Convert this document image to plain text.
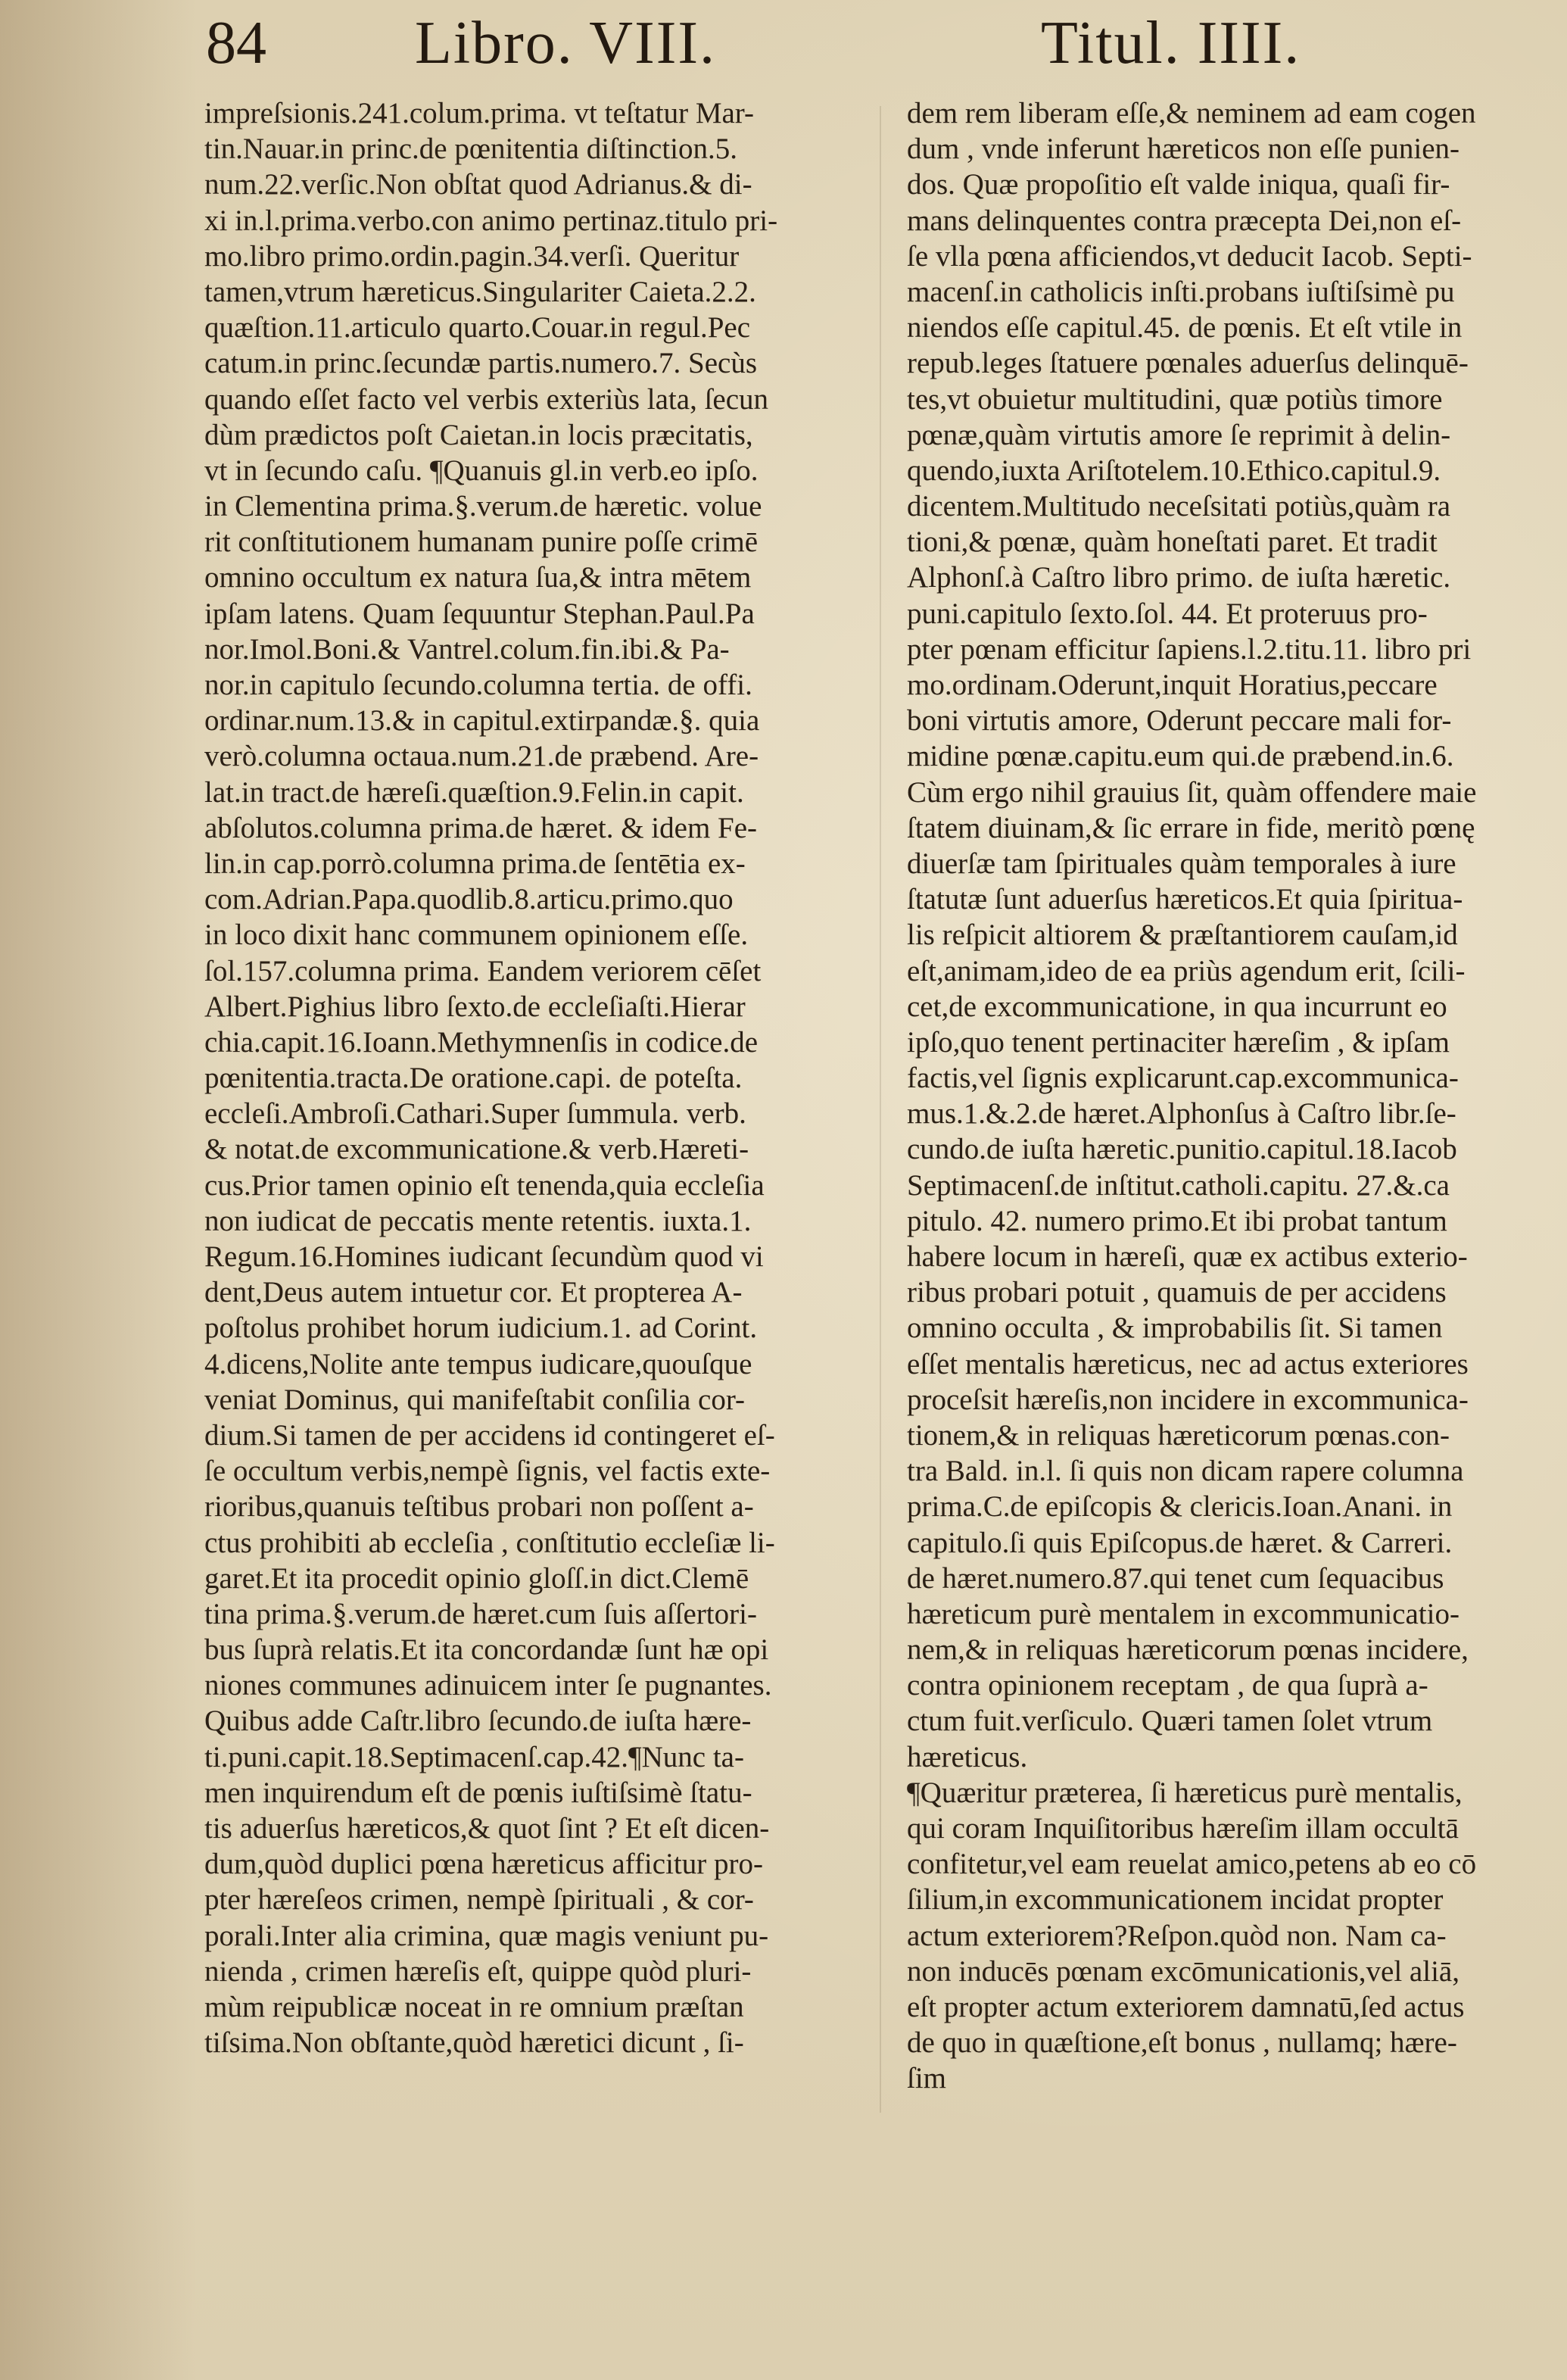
84 Libro. VIII.	Titul. IIII.
impreſsionis.241.colum.prima. vt teſtatur Mar-
tin.Nauar.in princ.de pœnitentia diſtinction.5.
num.22.verſic.Non obſtat quod Adrianus.& di-
xi in.l.prima.verbo.con animo pertinaz.titulo pri-
mo.libro primo.ordin.pagin.34.verſi. Queritur
tamen,vtrum hæreticus.Singulariter Caieta.2.2.
quæſtion.11.articulo quarto.Couar.in regul.Pec
catum.in princ.ſecundæ partis.numero.7. Secùs
quando eſſet facto vel verbis exteriùs lata, ſecun
dùm prædictos poſt Caietan.in locis præcitatis,
vt in ſecundo caſu. ¶Quanuis gl.in verb.eo ipſo.
in Clementina prima.§.verum.de hæretic. volue
rit conſtitutionem humanam punire poſſe crimē
omnino occultum ex natura ſua,& intra mētem
ipſam latens. Quam ſequuntur Stephan.Paul.Pa
nor.Imol.Boni.& Vantrel.colum.fin.ibi.& Pa-
nor.in capitulo ſecundo.columna tertia. de offi.
ordinar.num.13.& in capitul.extirpandæ.§. quia
verò.columna octaua.num.21.de præbend. Are-
lat.in tract.de hæreſi.quæſtion.9.Felin.in capit.
abſolutos.columna prima.de hæret. & idem Fe-
lin.in cap.porrò.columna prima.de ſentētia ex-
com.Adrian.Papa.quodlib.8.articu.primo.quo
in loco dixit hanc communem opinionem eſſe.
ſol.157.columna prima. Eandem veriorem cēſet
Albert.Pighius libro ſexto.de eccleſiaſti.Hierar
chia.capit.16.Ioann.Methymnenſis in codice.de
pœnitentia.tracta.De oratione.capi. de poteſta.
eccleſi.Ambroſi.Cathari.Super ſummula. verb.
& notat.de excommunicatione.& verb.Hæreti-
cus.Prior tamen opinio eſt tenenda,quia eccleſia
non iudicat de peccatis mente retentis. iuxta.1.
Regum.16.Homines iudicant ſecundùm quod vi
dent,Deus autem intuetur cor. Et propterea A-
poſtolus prohibet horum iudicium.1. ad Corint.
4.dicens,Nolite ante tempus iudicare,quouſque
veniat Dominus, qui manifeſtabit conſilia cor-
dium.Si tamen de per accidens id contingeret eſ-
ſe occultum verbis,nempè ſignis, vel factis exte-
rioribus,quanuis teſtibus probari non poſſent a-
ctus prohibiti ab eccleſia , conſtitutio eccleſiæ li-
garet.Et ita procedit opinio gloſſ.in dict.Clemē
tina prima.§.verum.de hæret.cum ſuis aſſertori-
bus ſuprà relatis.Et ita concordandæ ſunt hæ opi
niones communes adinuicem inter ſe pugnantes.
Quibus adde Caſtr.libro ſecundo.de iuſta hære-
ti.puni.capit.18.Septimacenſ.cap.42.¶Nunc ta-
men inquirendum eſt de pœnis iuſtiſsimè ſtatu-
tis aduerſus hæreticos,& quot ſint ? Et eſt dicen-
dum,quòd duplici pœna hæreticus afficitur pro-
pter hæreſeos crimen, nempè ſpirituali , & cor-
porali.Inter alia crimina, quæ magis veniunt pu-
nienda , crimen hæreſis eſt, quippe quòd pluri-
mùm reipublicæ noceat in re omnium præſtan
tiſsima.Non obſtante,quòd hæretici dicunt , ſi-
dem rem liberam eſſe,& neminem ad eam cogen
dum , vnde inferunt hæreticos non eſſe punien-
dos. Quæ propoſitio eſt valde iniqua, quaſi fir-
mans delinquentes contra præcepta Dei,non eſ-
ſe vlla pœna afficiendos,vt deducit Iacob. Septi-
macenſ.in catholicis inſti.probans iuſtiſsimè pu
niendos eſſe capitul.45. de pœnis. Et eſt vtile in
repub.leges ſtatuere pœnales aduerſus delinquē-
tes,vt obuietur multitudini, quæ potiùs timore
pœnæ,quàm virtutis amore ſe reprimit à delin-
quendo,iuxta Ariſtotelem.10.Ethico.capitul.9.
dicentem.Multitudo neceſsitati potiùs,quàm ra
tioni,& pœnæ, quàm honeſtati paret. Et tradit
Alphonſ.à Caſtro libro primo. de iuſta hæretic.
puni.capitulo ſexto.ſol. 44. Et proteruus pro-
pter pœnam efficitur ſapiens.l.2.titu.11. libro pri
mo.ordinam.Oderunt,inquit Horatius,peccare
boni virtutis amore, Oderunt peccare mali for-
midine pœnæ.capitu.eum qui.de præbend.in.6.
Cùm ergo nihil grauius ſit, quàm offendere maie
ſtatem diuinam,& ſic errare in fide, meritò pœnę
diuerſæ tam ſpirituales quàm temporales à iure
ſtatutæ ſunt aduerſus hæreticos.Et quia ſpiritua-
lis reſpicit altiorem & præſtantiorem cauſam,id
eſt,animam,ideo de ea priùs agendum erit, ſcili-
cet,de excommunicatione, in qua incurrunt eo
ipſo,quo tenent pertinaciter hæreſim , & ipſam
factis,vel ſignis explicarunt.cap.excommunica-
mus.1.&.2.de hæret.Alphonſus à Caſtro libr.ſe-
cundo.de iuſta hæretic.punitio.capitul.18.Iacob
Septimacenſ.de inſtitut.catholi.capitu. 27.&.ca
pitulo. 42. numero primo.Et ibi probat tantum
habere locum in hæreſi, quæ ex actibus exterio-
ribus probari potuit , quamuis de per accidens
omnino occulta , & improbabilis ſit. Si tamen
eſſet mentalis hæreticus, nec ad actus exteriores
proceſsit hæreſis,non incidere in excommunica-
tionem,& in reliquas hæreticorum pœnas.con-
tra Bald. in.l. ſi quis non dicam rapere columna
prima.C.de epiſcopis & clericis.Ioan.Anani. in
capitulo.ſi quis Epiſcopus.de hæret. & Carreri.
de hæret.numero.87.qui tenet cum ſequacibus
hæreticum purè mentalem in excommunicatio-
nem,& in reliquas hæreticorum pœnas incidere,
contra opinionem receptam , de qua ſuprà a-
ctum fuit.verſiculo. Quæri tamen ſolet vtrum
hæreticus.
¶Quæritur præterea, ſi hæreticus purè mentalis,
qui coram Inquiſitoribus hæreſim illam occultā
confitetur,vel eam reuelat amico,petens ab eo cō
ſilium,in excommunicationem incidat propter
actum exteriorem?Reſpon.quòd non. Nam ca-
non inducēs pœnam excōmunicationis,vel aliā,
eſt propter actum exteriorem damnatū,ſed actus
de quo in quæſtione,eſt bonus , nullamq; hære-
ſim
